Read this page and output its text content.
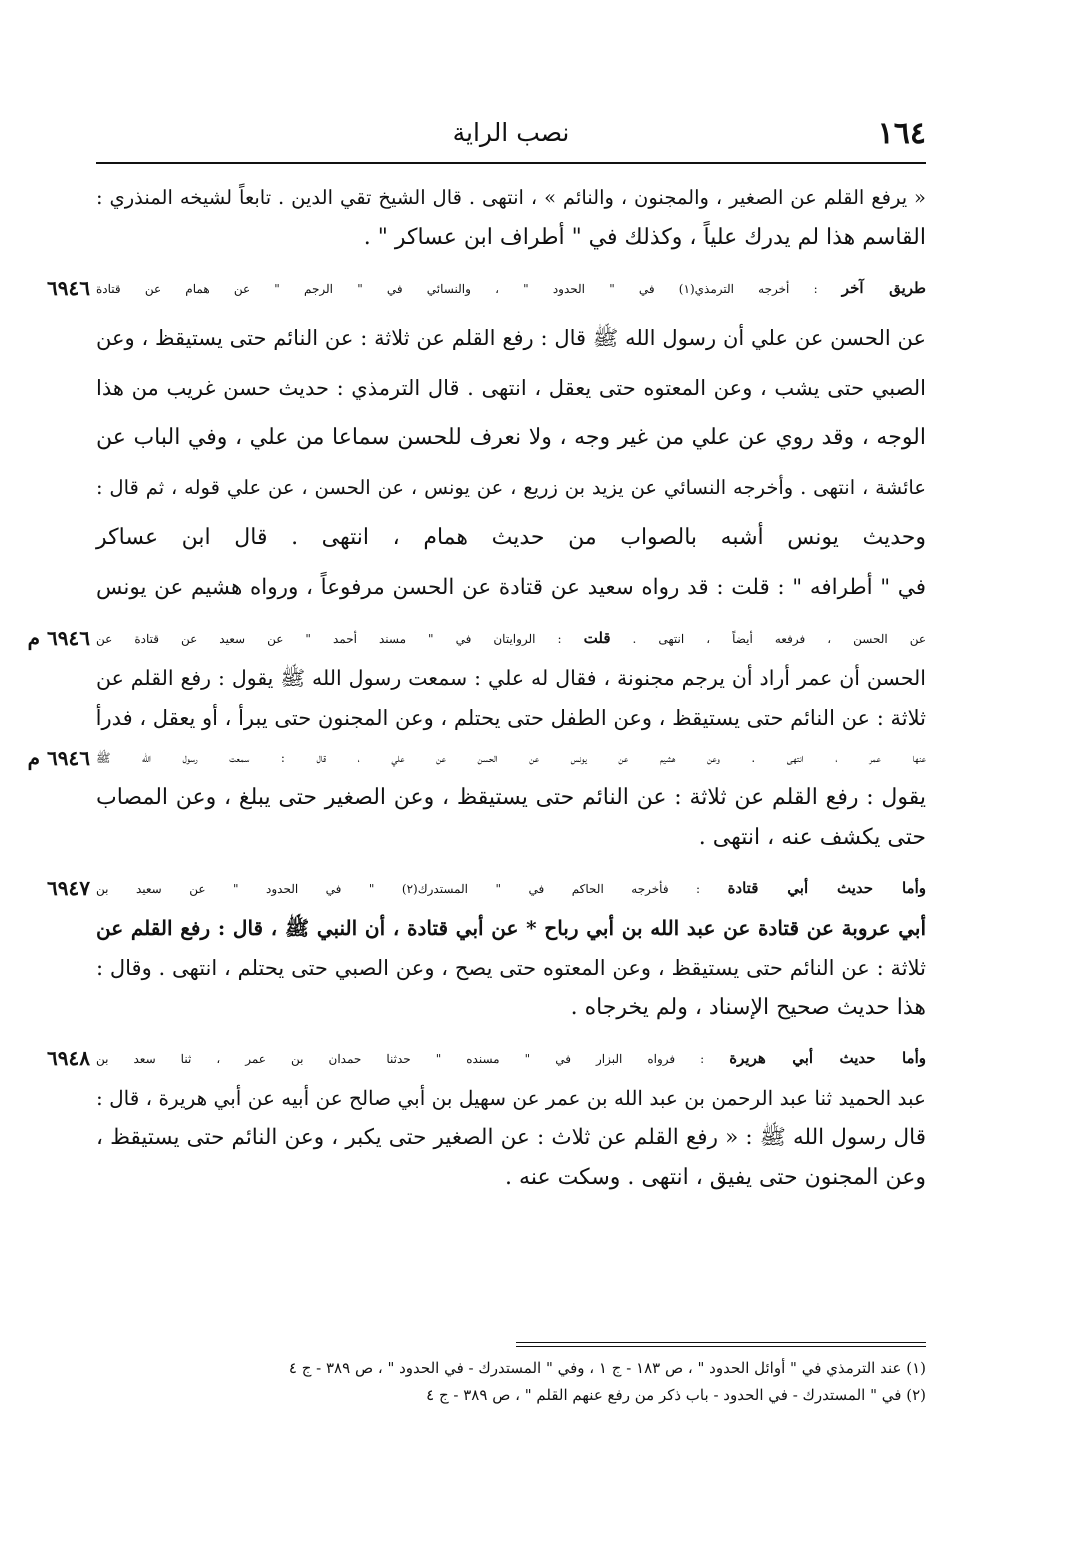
١٦٤
نصب الراية
« يرفع القلم عن الصغير ، والمجنون ، والنائم » ، انتهى . قال الشيخ تقي الدين . تابعاً لشيخه المنذري :
القاسم هذا لم يدرك علياً ، وكذلك في " أطراف ابن عساكر " .
٦٩٤٦	طريق آخر : أخرجه الترمذي(١) في " الحدود " ، والنسائي في " الرجم " عن همام عن قتادة
عن الحسن عن علي أن رسول الله ﷺ قال : رفع القلم عن ثلاثة : عن النائم حتى يستيقظ ، وعن
الصبي حتى يشب ، وعن المعتوه حتى يعقل ، انتهى . قال الترمذي : حديث حسن غريب من هذا
الوجه ، وقد روي عن علي من غير وجه ، ولا نعرف للحسن سماعا من علي ، وفي الباب عن
عائشة ، انتهى . وأخرجه النسائي عن يزيد بن زريع ، عن يونس ، عن الحسن ، عن علي قوله ، ثم قال :
وحديث يونس أشبه بالصواب من حديث همام ، انتهى . قال ابن عساكر
في " أطرافه " : قلت : قد رواه سعيد عن قتادة عن الحسن مرفوعاً ، ورواه هشيم عن يونس
٦٩٤٦ م	عن الحسن ، فرفعه أيضاً ، انتهى . قلت : الروايتان في " مسند أحمد " عن سعيد عن قتادة عن
الحسن أن عمر أراد أن يرجم مجنونة ، فقال له علي : سمعت رسول الله ﷺ يقول : رفع القلم عن
ثلاثة : عن النائم حتى يستيقظ ، وعن الطفل حتى يحتلم ، وعن المجنون حتى يبرأ ، أو يعقل ، فدرأ
٦٩٤٦ م عنها عمر ، انتهى . وعن هشيم عن يونس عن الحسن عن علي ، قال : سمعت رسول الله ﷺ
يقول : رفع القلم عن ثلاثة : عن النائم حتى يستيقظ ، وعن الصغير حتى يبلغ ، وعن المصاب
حتى يكشف عنه ، انتهى .
٦٩٤٧	وأما حديث أبي قتادة : فأخرجه الحاكم في " المستدرك(٢) " في الحدود " عن سعيد بن
أبي عروبة عن قتادة عن عبد الله بن أبي رباح * عن أبي قتادة ، أن النبي ﷺ ، قال : رفع القلم عن
ثلاثة : عن النائم حتى يستيقظ ، وعن المعتوه حتى يصح ، وعن الصبي حتى يحتلم ، انتهى . وقال :
هذا حديث صحيح الإسناد ، ولم يخرجاه .
٦٩٤٨	وأما حديث أبي هريرة : فرواه البزار في " مسنده " حدثنا حمدان بن عمر ، ثنا سعد بن
عبد الحميد ثنا عبد الرحمن بن عبد الله بن عمر عن سهيل بن أبي صالح عن أبيه عن أبي هريرة ، قال :
قال رسول الله ﷺ : « رفع القلم عن ثلاث : عن الصغير حتى يكبر ، وعن النائم حتى يستيقظ ،
وعن المجنون حتى يفيق ، انتهى . وسكت عنه .
(١) عند الترمذي في " أوائل الحدود " ، ص ١٨٣ - ج ١ ، وفي " المستدرك - في الحدود " ، ص ٣٨٩ - ج ٤
(٢) في " المستدرك - في الحدود - باب ذكر من رفع عنهم القلم " ، ص ٣٨٩ - ج ٤
